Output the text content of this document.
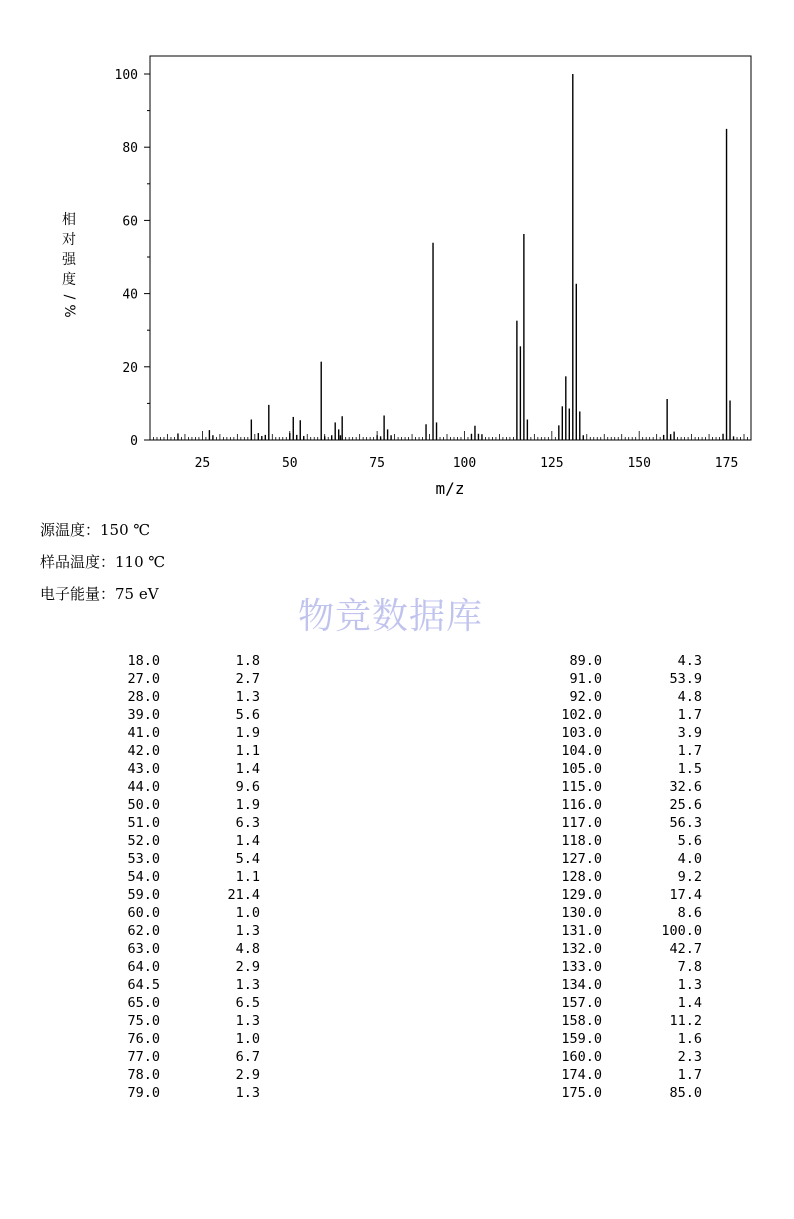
0
20
40
60
80
100
25	50	75	100	125	150	175
m/z
相
对
强
度
/
%
源温度：150 ℃
样品温度：110 ℃
电子能量：75 eV
物竞数据库
18.0	1.8
27.0	2.7
28.0	1.3
39.0	5.6
41.0	1.9
42.0	1.1
43.0	1.4
44.0	9.6
50.0	1.9
51.0	6.3
52.0	1.4
53.0	5.4
54.0	1.1
59.0	21.4
60.0	1.0
62.0	1.3
63.0	4.8
64.0	2.9
64.5	1.3
65.0	6.5
75.0	1.3
76.0	1.0
77.0	6.7
78.0	2.9
79.0	1.3
89.0	4.3
91.0	53.9
92.0	4.8
102.0	1.7
103.0	3.9
104.0	1.7
105.0	1.5
115.0	32.6
116.0	25.6
117.0	56.3
118.0	5.6
127.0	4.0
128.0	9.2
129.0	17.4
130.0	8.6
131.0	100.0
132.0	42.7
133.0	7.8
134.0	1.3
157.0	1.4
158.0	11.2
159.0	1.6
160.0	2.3
174.0	1.7
175.0	85.0
